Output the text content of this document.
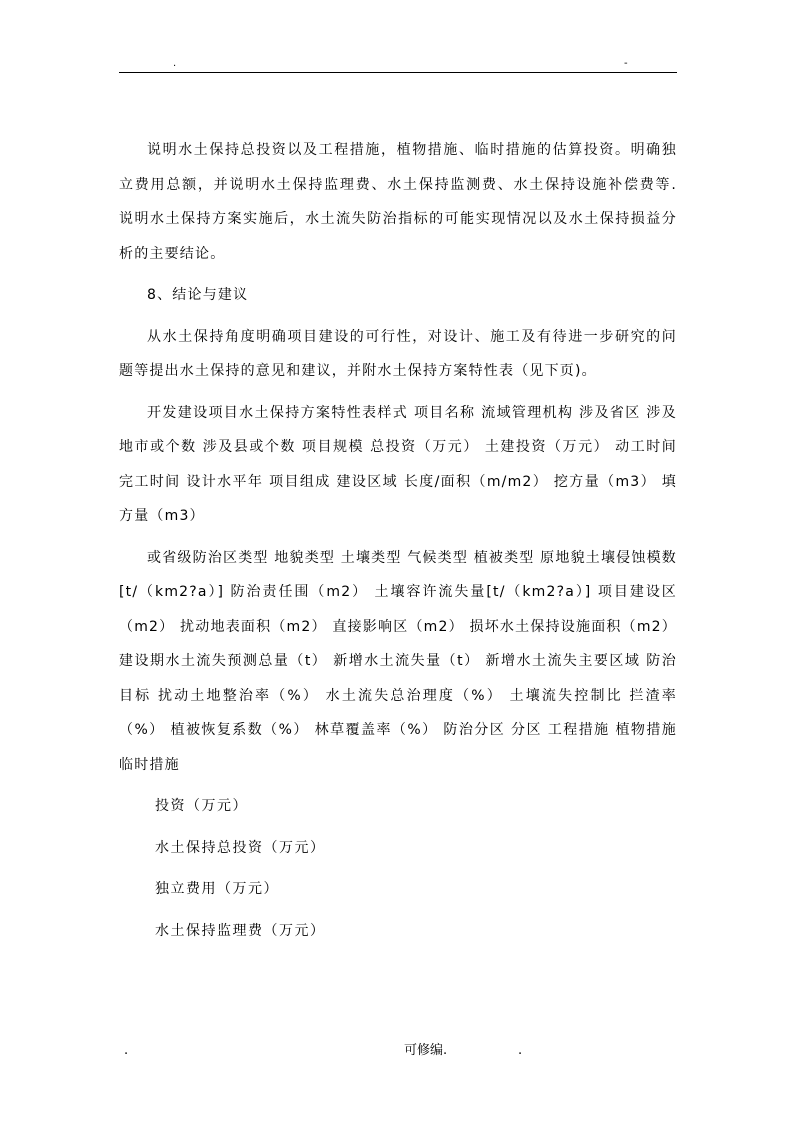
.	-

说明水土保持总投资以及工程措施，植物措施、临时措施的估算投资。明确独立费用总额，并说明水土保持监理费、水土保持监测费、水土保持设施补偿费等. 说明水土保持方案实施后，水土流失防治指标的可能实现情况以及水土保持损益分析的主要结论。

8、结论与建议

从水土保持角度明确项目建设的可行性，对设计、施工及有待进一步研究的问题等提出水土保持的意见和建议，并附水土保持方案特性表（见下页)。

开发建设项目水土保持方案特性表样式 项目名称 流域管理机构 涉及省区 涉及地市或个数 涉及县或个数 项目规模 总投资（万元） 土建投资（万元） 动工时间 完工时间 设计水平年 项目组成 建设区域 长度/面积（m/m2） 挖方量（m3） 填方量（m3）

或省级防治区类型 地貌类型 土壤类型 气候类型 植被类型 原地貌土壤侵蚀模数[t/（km2?a）] 防治责任围（m2） 土壤容许流失量[t/（km2?a）] 项目建设区（m2） 扰动地表面积（m2） 直接影响区（m2） 损坏水土保持设施面积（m2） 建设期水土流失预测总量（t） 新增水土流失量（t） 新增水土流失主要区域 防治目标 扰动土地整治率（%） 水土流失总治理度（%） 土壤流失控制比 拦渣率（%） 植被恢复系数（%） 林草覆盖率（%） 防治分区 分区 工程措施 植物措施 临时措施

投资（万元）

水土保持总投资（万元）

独立费用（万元）

水土保持监理费（万元）

.	可修编.	.
